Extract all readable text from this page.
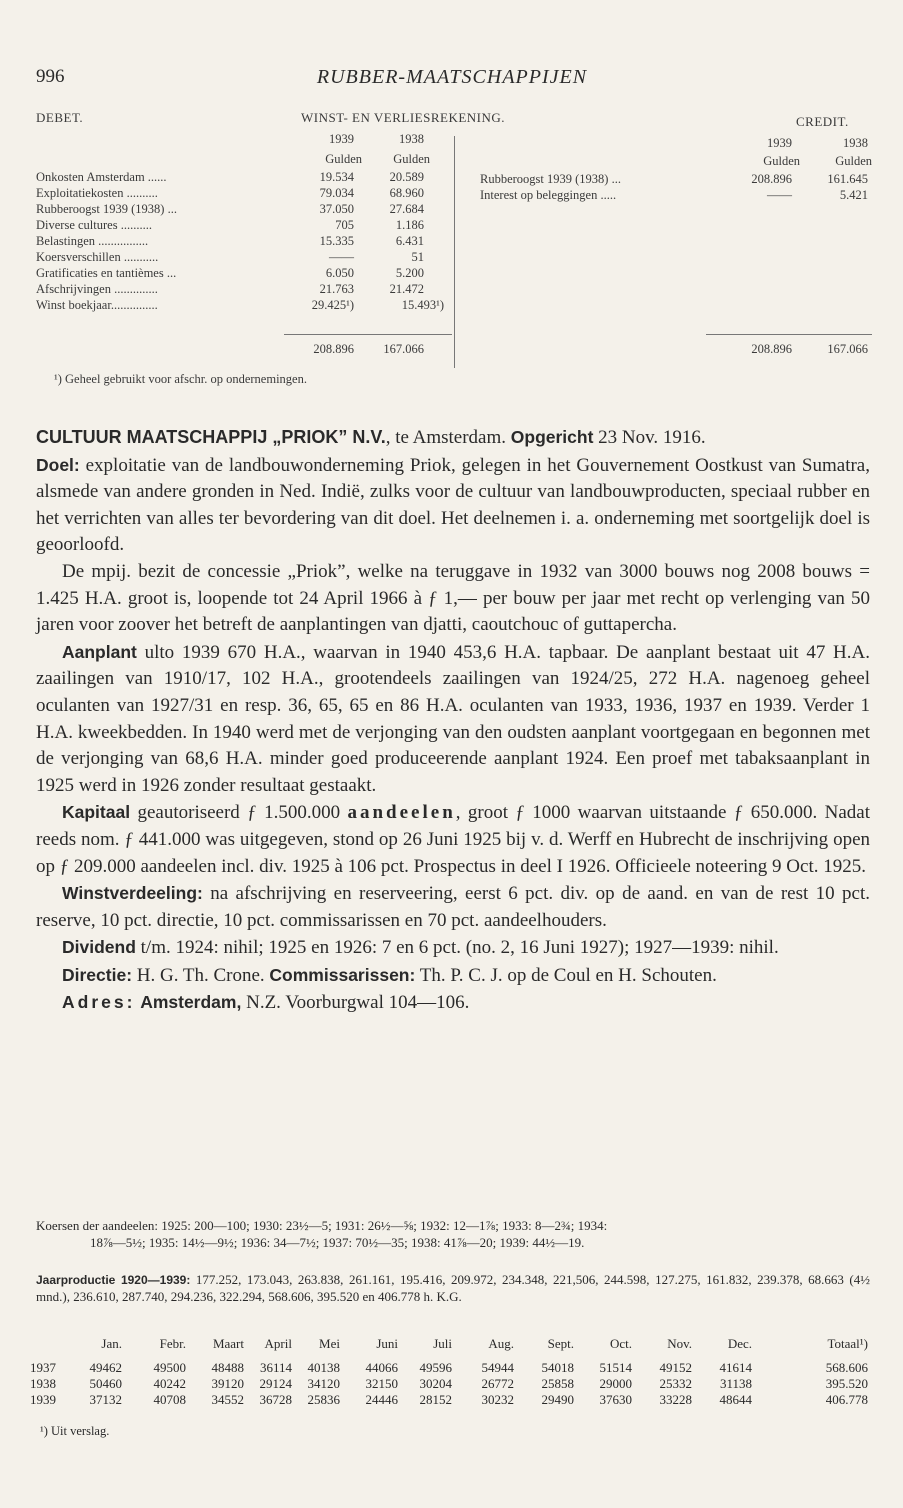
996	RUBBER-MAATSCHAPPIJEN
DEBET.	WINST- EN VERLIESREKENING.	CREDIT.
1939	1938
Gulden	Gulden
1939	1938
Gulden	Gulden
Onkosten Amsterdam ......	19.534	20.589
Exploitatiekosten ..........	79.034	68.960
Rubberoogst 1939 (1938) ...	37.050	27.684
Diverse cultures ..........	705	1.186
Belastingen ................	15.335	6.431
Koersverschillen ...........	——	51
Gratificaties en tantièmes ...	6.050	5.200
Afschrijvingen ..............	21.763	21.472
Winst boekjaar...............	29.425¹)	15.493¹)
Rubberoogst 1939 (1938) ...	208.896	161.645
Interest op beleggingen .....	——	5.421
208.896	167.066	208.896	167.066
¹) Geheel gebruikt voor afschr. op ondernemingen.

CULTUUR MAATSCHAPPIJ „PRIOK” N.V., te Amsterdam. Opgericht 23 Nov. 1916.

Doel: exploitatie van de landbouwonderneming Priok, gelegen in het Gouvernement Oostkust van Sumatra, alsmede van andere gronden in Ned. Indië, zulks voor de cultuur van landbouwproducten, speciaal rubber en het verrichten van alles ter bevordering van dit doel. Het deelnemen i. a. onderneming met soortgelijk doel is geoorloofd.

De mpij. bezit de concessie „Priok”, welke na teruggave in 1932 van 3000 bouws nog 2008 bouws = 1.425 H.A. groot is, loopende tot 24 April 1966 à ƒ 1,— per bouw per jaar met recht op verlenging van 50 jaren voor zoover het betreft de aanplantingen van djatti, caoutchouc of guttapercha.

Aanplant ulto 1939 670 H.A., waarvan in 1940 453,6 H.A. tapbaar. De aanplant bestaat uit 47 H.A. zaailingen van 1910/17, 102 H.A., grootendeels zaailingen van 1924/25, 272 H.A. nagenoeg geheel oculanten van 1927/31 en resp. 36, 65, 65 en 86 H.A. oculanten van 1933, 1936, 1937 en 1939. Verder 1 H.A. kweekbedden. In 1940 werd met de verjonging van den oudsten aanplant voortgegaan en begonnen met de verjonging van 68,6 H.A. minder goed produceerende aanplant 1924. Een proef met tabaksaanplant in 1925 werd in 1926 zonder resultaat gestaakt.

Kapitaal geautoriseerd ƒ 1.500.000 aandeelen, groot ƒ 1000 waarvan uitstaande ƒ 650.000. Nadat reeds nom. ƒ 441.000 was uitgegeven, stond op 26 Juni 1925 bij v. d. Werff en Hubrecht de inschrijving open op ƒ 209.000 aandeelen incl. div. 1925 à 106 pct. Prospectus in deel I 1926. Officieele noteering 9 Oct. 1925.

Winstverdeeling: na afschrijving en reserveering, eerst 6 pct. div. op de aand. en van de rest 10 pct. reserve, 10 pct. directie, 10 pct. commissarissen en 70 pct. aandeelhouders.

Dividend t/m. 1924: nihil; 1925 en 1926: 7 en 6 pct. (no. 2, 16 Juni 1927); 1927—1939: nihil.

Directie: H. G. Th. Crone. Commissarissen: Th. P. C. J. op de Coul en H. Schouten.

Adres: Amsterdam, N.Z. Voorburgwal 104—106.

Koersen der aandeelen: 1925: 200—100; 1930: 23½—5; 1931: 26½—⅝; 1932: 12—1⅞; 1933: 8—2¾; 1934:

18⅞—5½; 1935: 14½—9½; 1936: 34—7½; 1937: 70½—35; 1938: 41⅞—20; 1939: 44½—19.

Jaarproductie 1920—1939: 177.252, 173.043, 263.838, 261.161, 195.416, 209.972, 234.348, 221,506, 244.598, 127.275, 161.832, 239.378, 68.663 (4½ mnd.), 236.610, 287.740, 294.236, 322.294, 568.606, 395.520 en 406.778 h. K.G.
Jan.	Febr.	Maart	April	Mei	Juni	Juli	Aug.	Sept.	Oct.	Nov.	Dec.	Totaal¹)
1937	49462	49500	48488	36114	40138	44066	49596	54944	54018	51514	49152	41614	568.606
1938	50460	40242	39120	29124	34120	32150	30204	26772	25858	29000	25332	31138	395.520
1939	37132	40708	34552	36728	25836	24446	28152	30232	29490	37630	33228	48644	406.778
¹) Uit verslag.
